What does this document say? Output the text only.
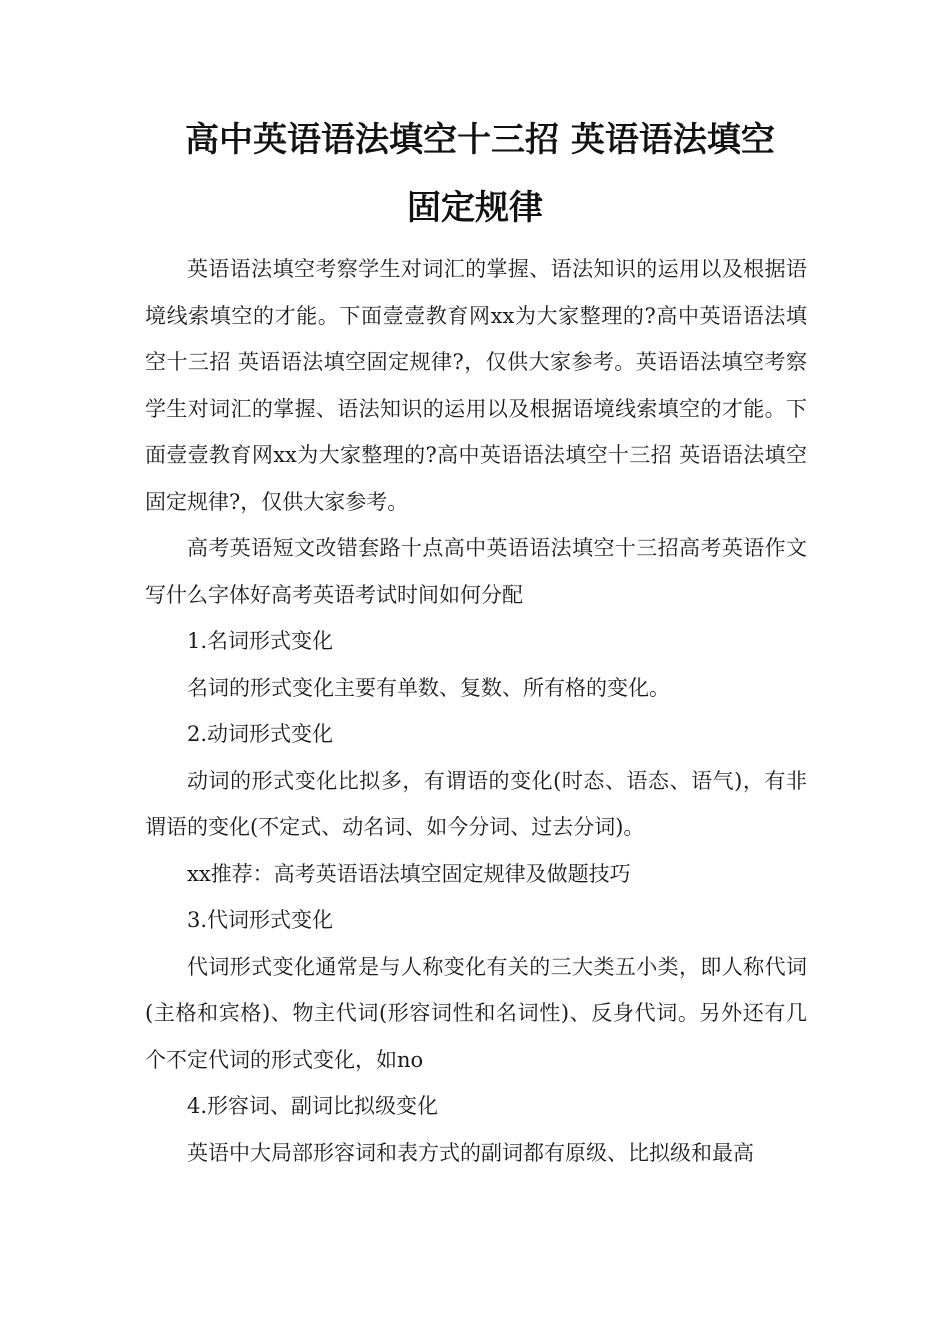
高中英语语法填空十三招 英语语法填空
固定规律

英语语法填空考察学生对词汇的掌握、语法知识的运用以及根据语境线索填空的才能。下面壹壹教育网xx为大家整理的?高中英语语法填空十三招 英语语法填空固定规律?，仅供大家参考。英语语法填空考察学生对词汇的掌握、语法知识的运用以及根据语境线索填空的才能。下面壹壹教育网xx为大家整理的?高中英语语法填空十三招 英语语法填空固定规律?，仅供大家参考。

高考英语短文改错套路十点高中英语语法填空十三招高考英语作文写什么字体好高考英语考试时间如何分配

1.名词形式变化

名词的形式变化主要有单数、复数、所有格的变化。

2.动词形式变化

动词的形式变化比拟多，有谓语的变化(时态、语态、语气)，有非谓语的变化(不定式、动名词、如今分词、过去分词)。

xx推荐：高考英语语法填空固定规律及做题技巧

3.代词形式变化

代词形式变化通常是与人称变化有关的三大类五小类，即人称代词(主格和宾格)、物主代词(形容词性和名词性)、反身代词。另外还有几个不定代词的形式变化，如no

4.形容词、副词比拟级变化

英语中大局部形容词和表方式的副词都有原级、比拟级和最高
